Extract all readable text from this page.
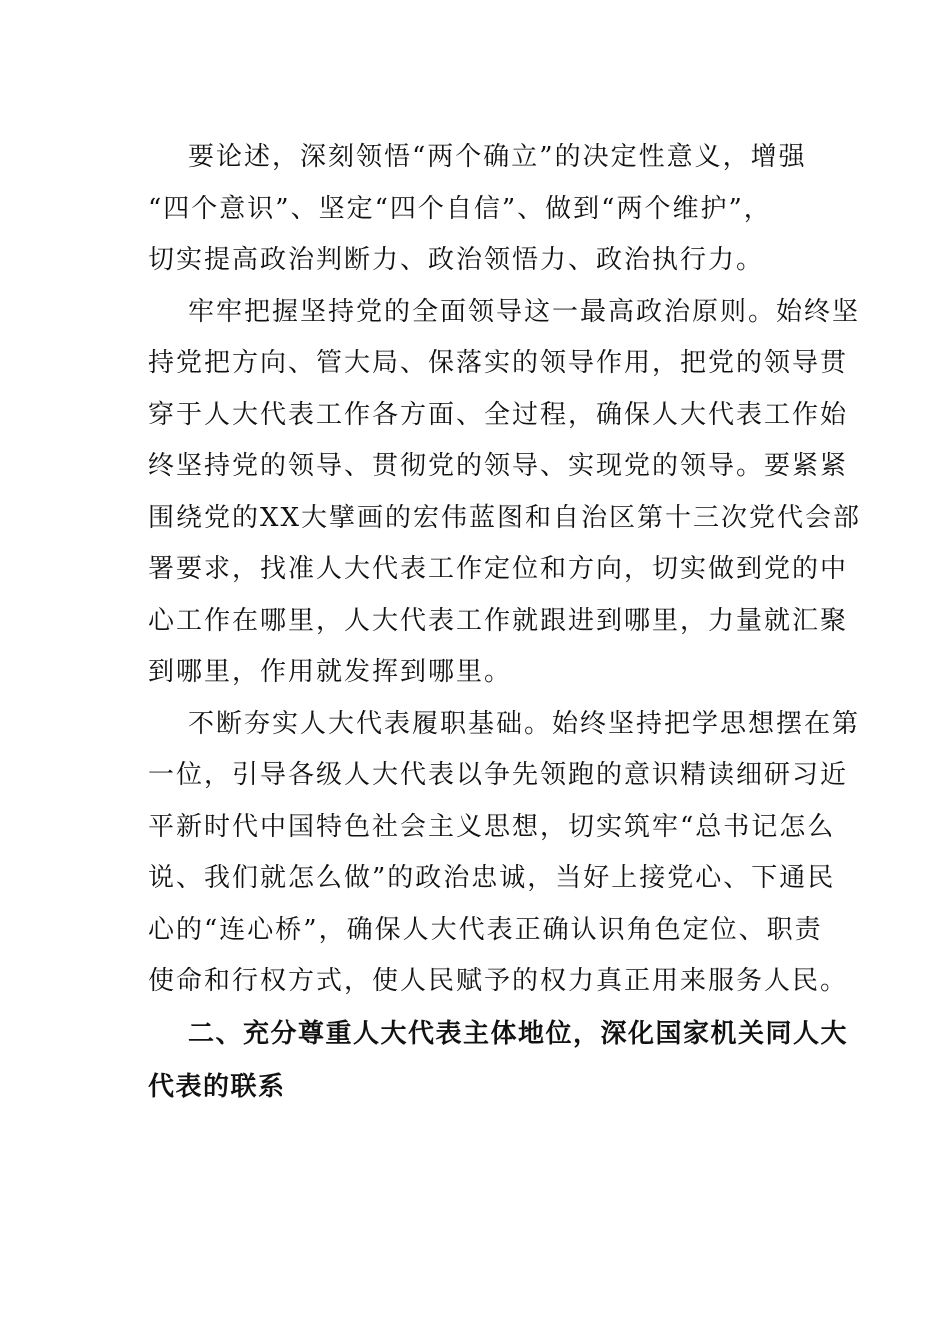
要论述，深刻领悟“两个确立”的决定性意义，增强
“四个意识”、坚定“四个自信”、做到“两个维护”，
切实提高政治判断力、政治领悟力、政治执行力。
牢牢把握坚持党的全面领导这一最高政治原则。始终坚
持党把方向、管大局、保落实的领导作用，把党的领导贯
穿于人大代表工作各方面、全过程，确保人大代表工作始
终坚持党的领导、贯彻党的领导、实现党的领导。要紧紧
围绕党的XX大擘画的宏伟蓝图和自治区第十三次党代会部
署要求，找准人大代表工作定位和方向，切实做到党的中
心工作在哪里，人大代表工作就跟进到哪里，力量就汇聚
到哪里，作用就发挥到哪里。
不断夯实人大代表履职基础。始终坚持把学思想摆在第
一位，引导各级人大代表以争先领跑的意识精读细研习近
平新时代中国特色社会主义思想，切实筑牢“总书记怎么
说、我们就怎么做”的政治忠诚，当好上接党心、下通民
心的“连心桥”，确保人大代表正确认识角色定位、职责
使命和行权方式，使人民赋予的权力真正用来服务人民。
二、充分尊重人大代表主体地位，深化国家机关同人大
代表的联系
